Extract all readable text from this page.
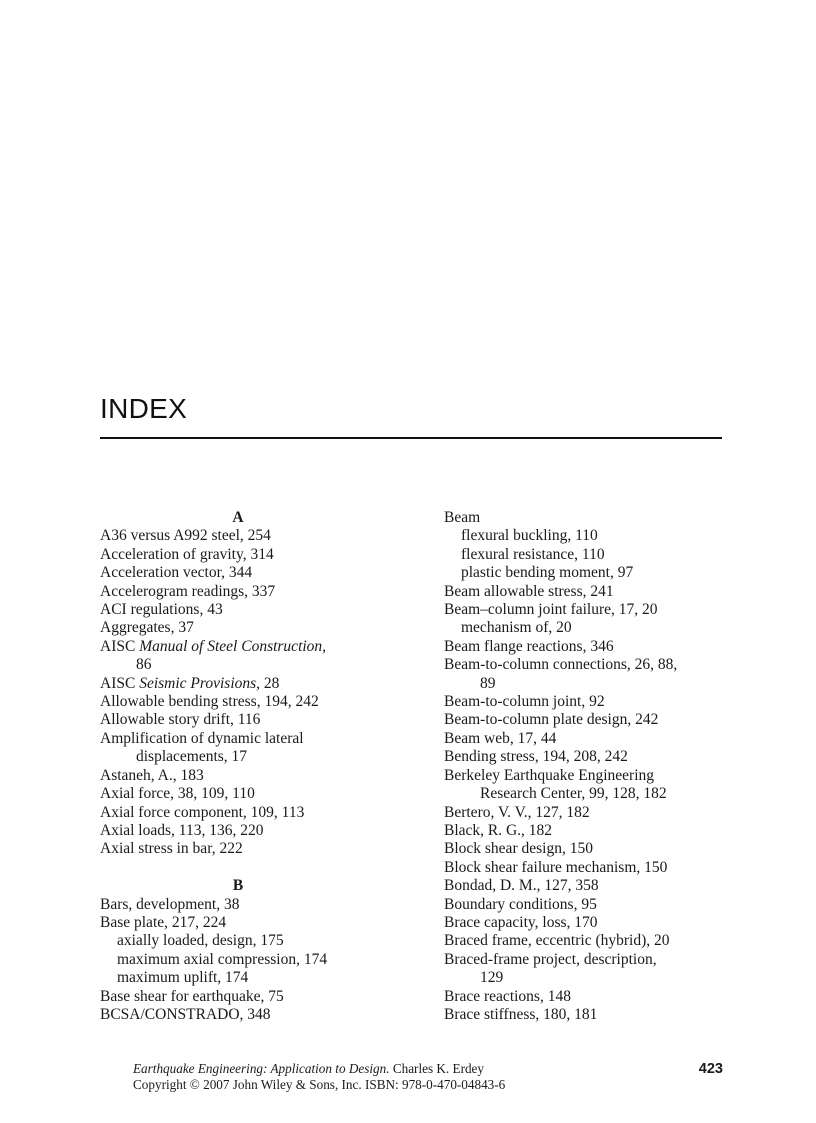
INDEX

A

A36 versus A992 steel, 254

Acceleration of gravity, 314

Acceleration vector, 344

Accelerogram readings, 337

ACI regulations, 43

Aggregates, 37

AISC Manual of Steel Construction,

86

AISC Seismic Provisions, 28

Allowable bending stress, 194, 242

Allowable story drift, 116

Amplification of dynamic lateral

displacements, 17

Astaneh, A., 183

Axial force, 38, 109, 110

Axial force component, 109, 113

Axial loads, 113, 136, 220

Axial stress in bar, 222

B

Bars, development, 38

Base plate, 217, 224

axially loaded, design, 175

maximum axial compression, 174

maximum uplift, 174

Base shear for earthquake, 75

BCSA/CONSTRADO, 348

Beam

flexural buckling, 110

flexural resistance, 110

plastic bending moment, 97

Beam allowable stress, 241

Beam–column joint failure, 17, 20

mechanism of, 20

Beam flange reactions, 346

Beam-to-column connections, 26, 88,

89

Beam-to-column joint, 92

Beam-to-column plate design, 242

Beam web, 17, 44

Bending stress, 194, 208, 242

Berkeley Earthquake Engineering

Research Center, 99, 128, 182

Bertero, V. V., 127, 182

Black, R. G., 182

Block shear design, 150

Block shear failure mechanism, 150

Bondad, D. M., 127, 358

Boundary conditions, 95

Brace capacity, loss, 170

Braced frame, eccentric (hybrid), 20

Braced-frame project, description,

129

Brace reactions, 148

Brace stiffness, 180, 181

Earthquake Engineering: Application to Design. Charles K. Erdey
Copyright © 2007 John Wiley & Sons, Inc. ISBN: 978-0-470-04843-6
423
